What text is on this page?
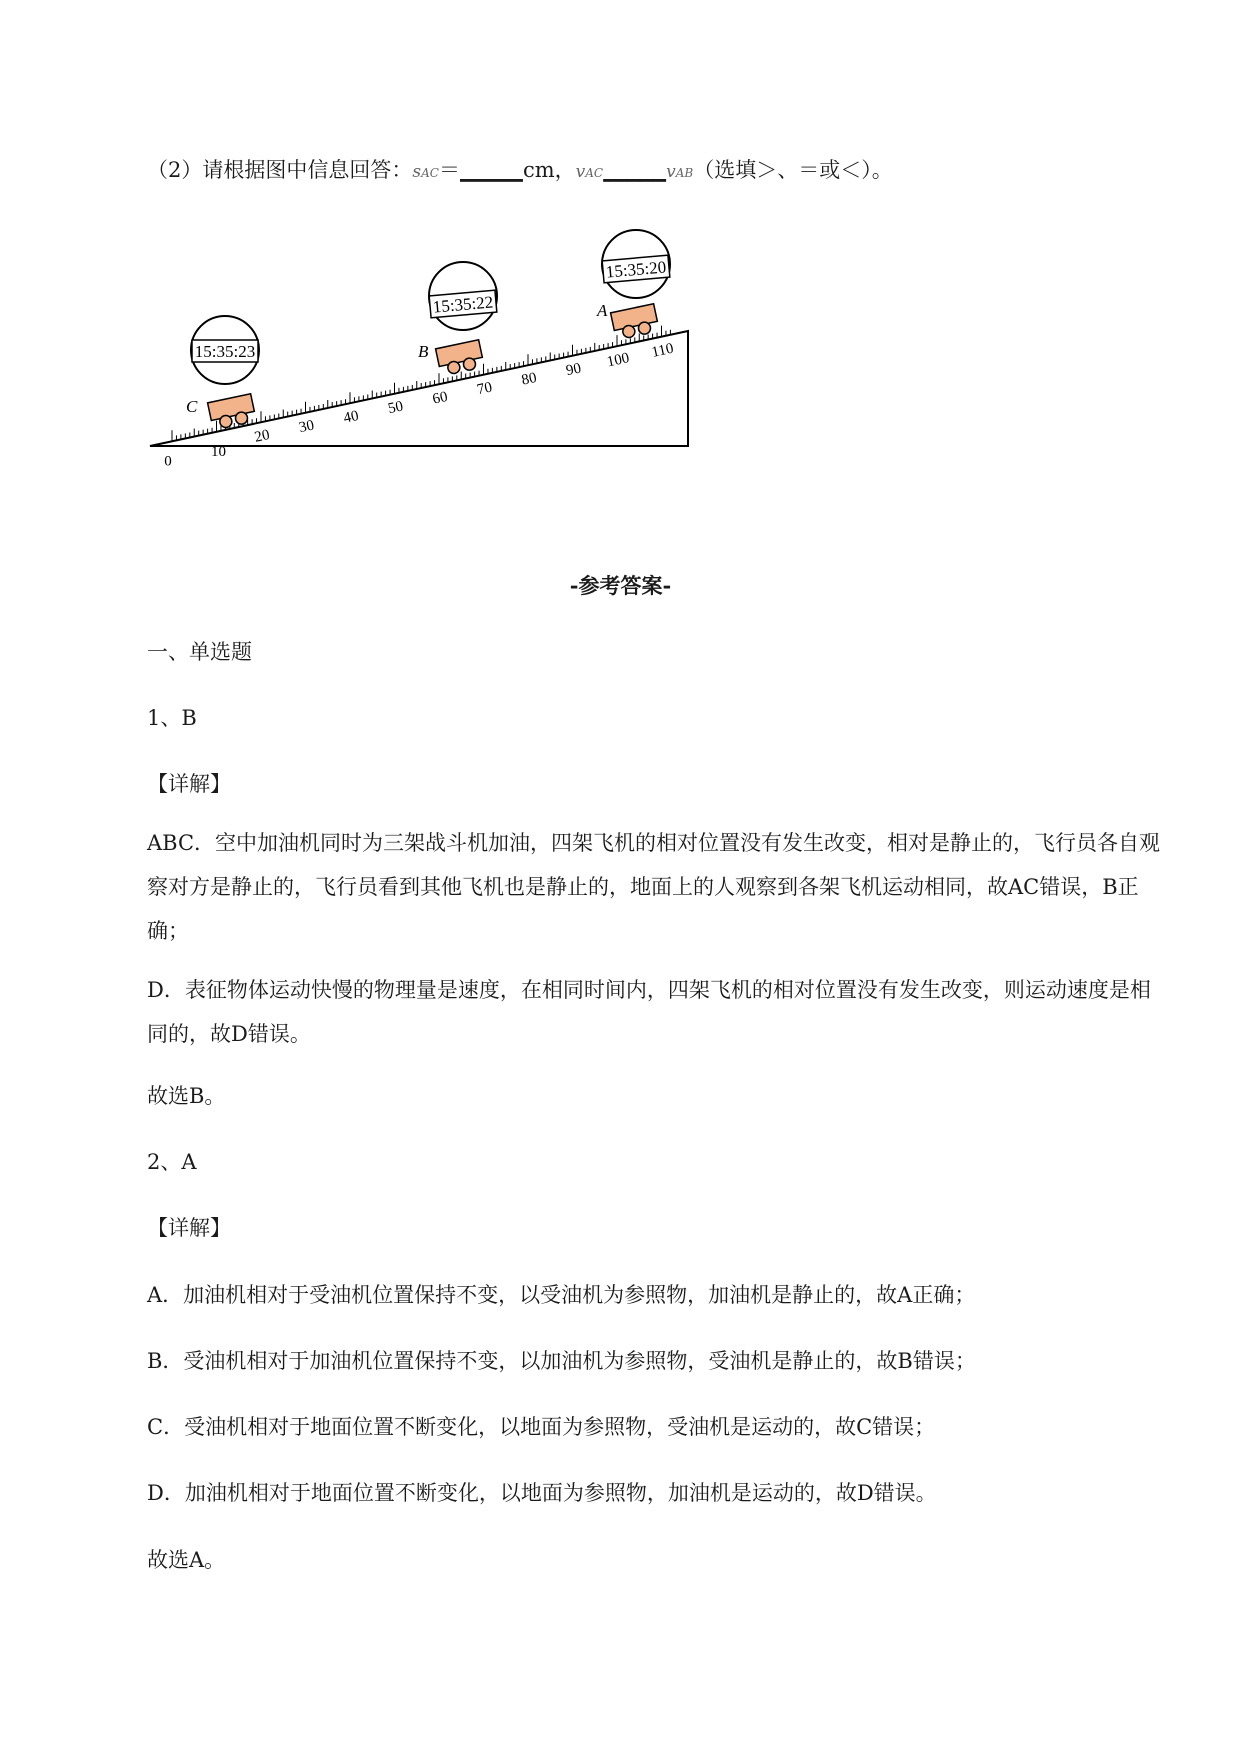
（2）请根据图中信息回答：sAC＝______cm，vAC______vAB（选填＞、＝或＜）。
0
10
20
30
40
50
60
70
80
90 100 110
15:35:23
15:35:22
15:35:20
C
B
A
-参考答案-
一、单选题
1、B
【详解】
ABC．空中加油机同时为三架战斗机加油，四架飞机的相对位置没有发生改变，相对是静止的，飞行员各自观察对方是静止的，飞行员看到其他飞机也是静止的，地面上的人观察到各架飞机运动相同，故AC错误，B正确；
D．表征物体运动快慢的物理量是速度，在相同时间内，四架飞机的相对位置没有发生改变，则运动速度是相同的，故D错误。
故选B。
2、A
【详解】
A．加油机相对于受油机位置保持不变，以受油机为参照物，加油机是静止的，故A正确；
B．受油机相对于加油机位置保持不变，以加油机为参照物，受油机是静止的，故B错误；
C．受油机相对于地面位置不断变化，以地面为参照物，受油机是运动的，故C错误；
D．加油机相对于地面位置不断变化，以地面为参照物，加油机是运动的，故D错误。
故选A。
